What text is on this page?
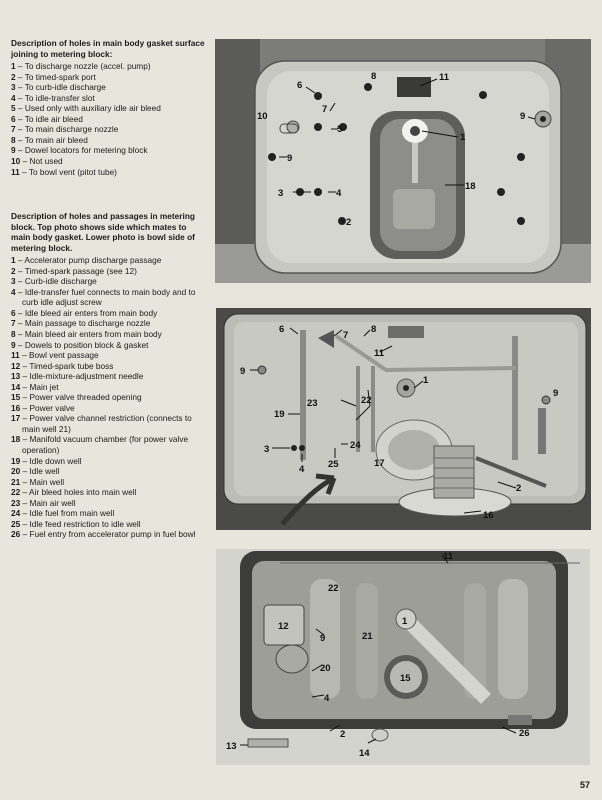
Description of holes in main body gasket surface joining to metering block:
1 – To discharge nozzle (accel. pump)
2 – To timed-spark port
3 – To curb-idle discharge
4 – To idle-transfer slot
5 – Used only with auxiliary idle air bleed
6 – To idle air bleed
7 – To main discharge nozzle
8 – To main air bleed
9 – Dowel locators for metering block
10 – Not used
11 – To bowl vent (pitot tube)
Description of holes and passages in metering block. Top photo shows side which mates to main body gasket. Lower photo is bowl side of metering block.
1 – Accelerator pump discharge passage
2 – Timed-spark passage (see 12)
3 – Curb-idle discharge
4 – Idle-transfer fuel connects to main body and to curb idle adjust screw
6 – Idle bleed air enters from main body
7 – Main passage to discharge nozzle
8 – Main bleed air enters from main body
9 – Dowels to position block & gasket
11 – Bowl vent passage
12 – Timed-spark tube boss
13 – Idle-mixture-adjustment needle
14 – Main jet
15 – Power valve threaded opening
16 – Power valve
17 – Power valve channel restriction (connects to main well 21)
18 – Manifold vacuum chamber (for power valve operation)
19 – Idle down well
20 – Idle well
21 – Main well
22 – Air bleed holes into main well
23 – Main air well
24 – Idle fuel from main well
25 – Idle feed restriction to idle well
26 – Fuel entry from accelerator pump in fuel bowl
1
2
3	4
5
6
7
8
9
9
10
11
18
1
2
3
4
6
7
8
9
9
11
16
17
19
22
23
24
25
1
2
4
9
11
12
13
14
15
20
21
22
26
57
